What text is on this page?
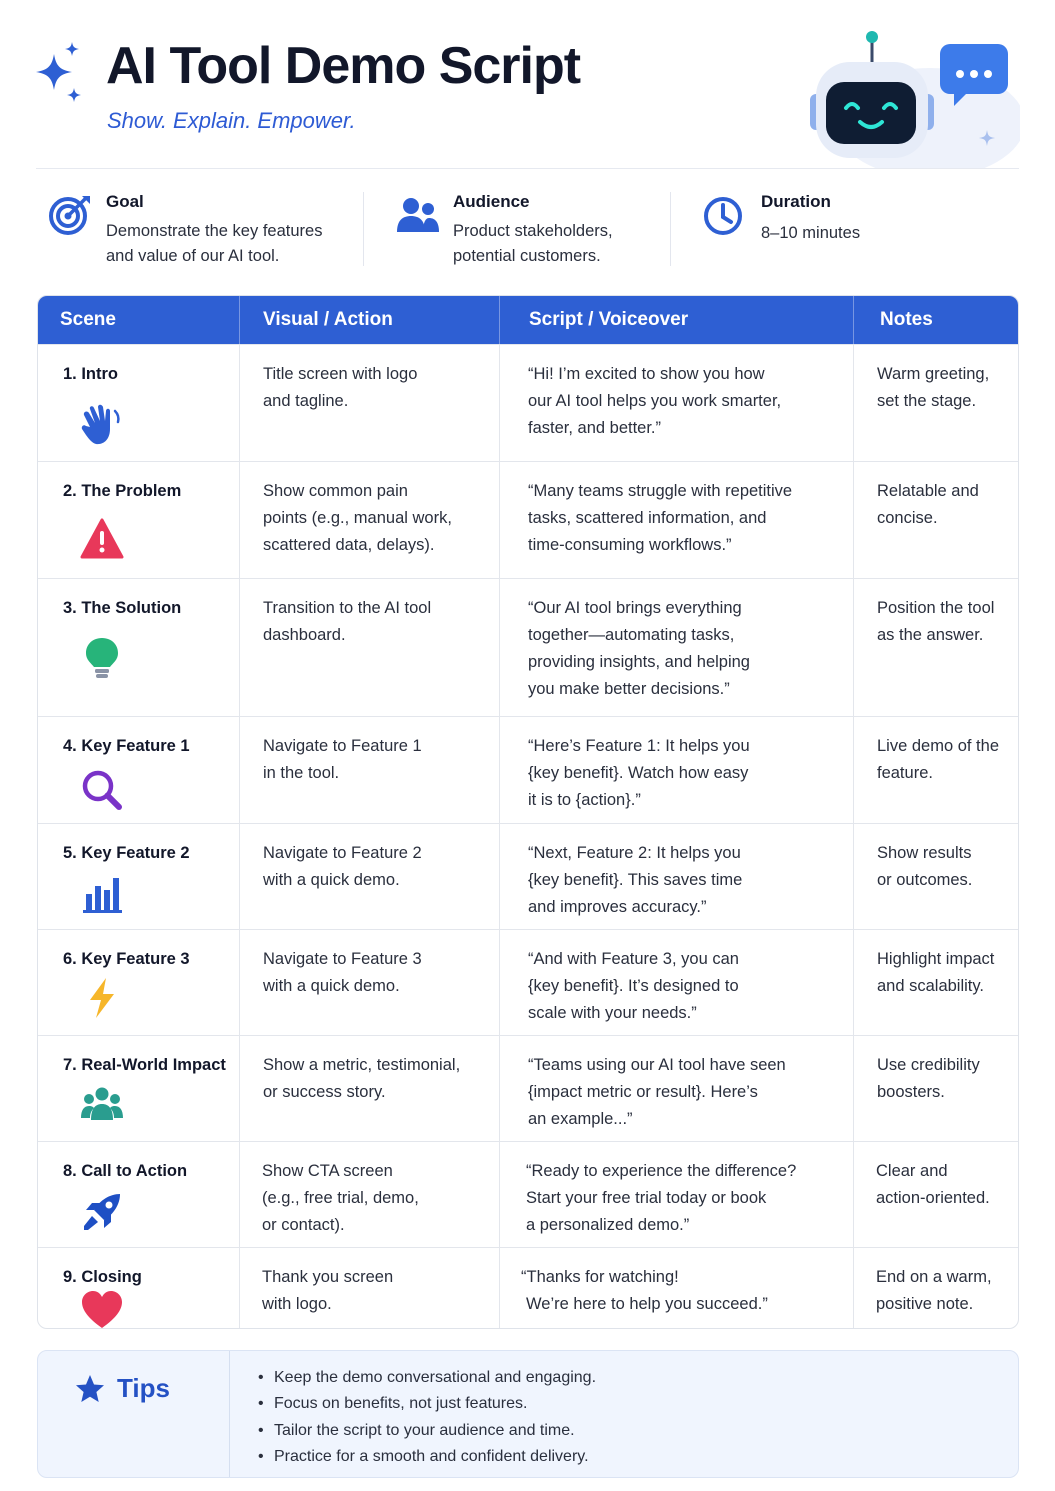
AI Tool Demo Script
Show. Explain. Empower.
Goal
Demonstrate the key features
and value of our AI tool.
Audience
Product stakeholders,
potential customers.
Duration
8–10 minutes
Scene	Visual / Action	Script / Voiceover	Notes
1. Intro	Title screen with logo
and tagline.
“Hi! I’m excited to show you how
our AI tool helps you work smarter,
faster, and better.”
Warm greeting,
set the stage.
2. The Problem	Show common pain
points (e.g., manual work,
scattered data, delays).
“Many teams struggle with repetitive
tasks, scattered information, and
time-consuming workflows.”
Relatable and
concise.
3. The Solution	Transition to the AI tool
dashboard.
“Our AI tool brings everything
together—automating tasks,
providing insights, and helping
you make better decisions.”
Position the tool
as the answer.
4. Key Feature 1	Navigate to Feature 1
in the tool.
“Here’s Feature 1: It helps you
{key benefit}. Watch how easy
it is to {action}.”
Live demo of the
feature.
5. Key Feature 2	Navigate to Feature 2
with a quick demo.
“Next, Feature 2: It helps you
{key benefit}. This saves time
and improves accuracy.”
Show results
or outcomes.
6. Key Feature 3	Navigate to Feature 3
with a quick demo.
“And with Feature 3, you can
{key benefit}. It’s designed to
scale with your needs.”
Highlight impact
and scalability.
7. Real-World Impact Show a metric, testimonial,
or success story.
“Teams using our AI tool have seen
{impact metric or result}. Here’s
an example...”
Use credibility
boosters.
8. Call to Action	Show CTA screen
(e.g., free trial, demo,
or contact).
“Ready to experience the difference?
Start your free trial today or book
a personalized demo.”
Clear and
action-oriented.
9. Closing	Thank you screen
with logo.
“Thanks for watching!
We’re here to help you succeed.”
End on a warm,
positive note.
Tips
•	Keep the demo conversational and engaging.
• Focus on benefits, not just features.
• Tailor the script to your audience and time.
• Practice for a smooth and confident delivery.
